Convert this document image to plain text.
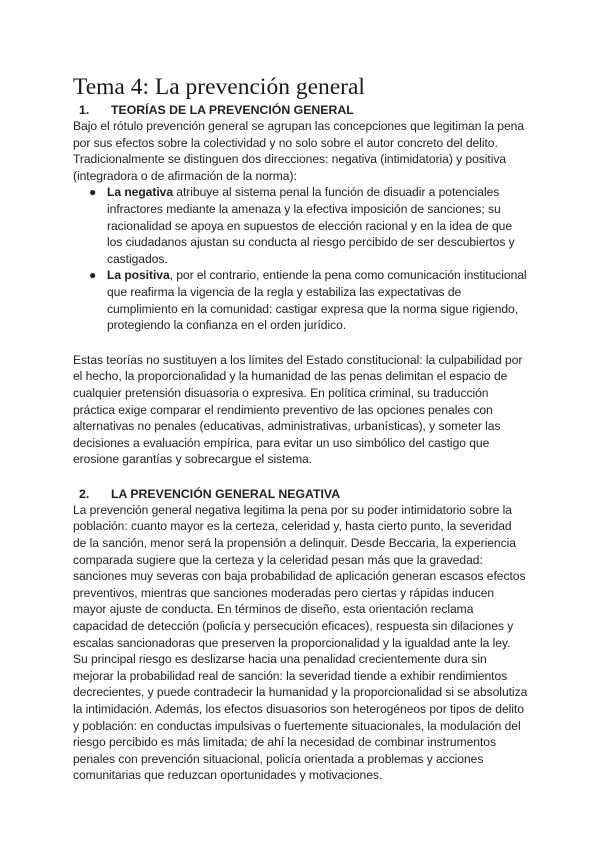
Tema 4: La prevención general
1.	TEORÍAS DE LA PREVENCIÓN GENERAL

Bajo el rótulo prevención general se agrupan las concepciones que legitiman la pena por sus efectos sobre la colectividad y no solo sobre el autor concreto del delito. Tradicionalmente se distinguen dos direcciones: negativa (intimidatoria) y positiva (integradora o de afirmación de la norma):

● La negativa atribuye al sistema penal la función de disuadir a potenciales infractores mediante la amenaza y la efectiva imposición de sanciones; su racionalidad se apoya en supuestos de elección racional y en la idea de que los ciudadanos ajustan su conducta al riesgo percibido de ser descubiertos y castigados.
● La positiva, por el contrario, entiende la pena como comunicación institucional que reafirma la vigencia de la regla y estabiliza las expectativas de cumplimiento en la comunidad: castigar expresa que la norma sigue rigiendo, protegiendo la confianza en el orden jurídico.

Estas teorías no sustituyen a los límites del Estado constitucional: la culpabilidad por el hecho, la proporcionalidad y la humanidad de las penas delimitan el espacio de cualquier pretensión disuasoria o expresiva. En política criminal, su traducción práctica exige comparar el rendimiento preventivo de las opciones penales con alternativas no penales (educativas, administrativas, urbanísticas), y someter las decisiones a evaluación empírica, para evitar un uso simbólico del castigo que erosione garantías y sobrecargue el sistema.

2.	LA PREVENCIÓN GENERAL NEGATIVA

La prevención general negativa legitima la pena por su poder intimidatorio sobre la población: cuanto mayor es la certeza, celeridad y, hasta cierto punto, la severidad de la sanción, menor será la propensión a delinquir. Desde Beccaria, la experiencia comparada sugiere que la certeza y la celeridad pesan más que la gravedad: sanciones muy severas con baja probabilidad de aplicación generan escasos efectos preventivos, mientras que sanciones moderadas pero ciertas y rápidas inducen mayor ajuste de conducta. En términos de diseño, esta orientación reclama capacidad de detección (policía y persecución eficaces), respuesta sin dilaciones y escalas sancionadoras que preserven la proporcionalidad y la igualdad ante la ley. Su principal riesgo es deslizarse hacia una penalidad crecientemente dura sin mejorar la probabilidad real de sanción: la severidad tiende a exhibir rendimientos decrecientes, y puede contradecir la humanidad y la proporcionalidad si se absolutiza la intimidación. Además, los efectos disuasorios son heterogéneos por tipos de delito y población: en conductas impulsivas o fuertemente situacionales, la modulación del riesgo percibido es más limitada; de ahí la necesidad de combinar instrumentos penales con prevención situacional, policía orientada a problemas y acciones comunitarias que reduzcan oportunidades y motivaciones.
